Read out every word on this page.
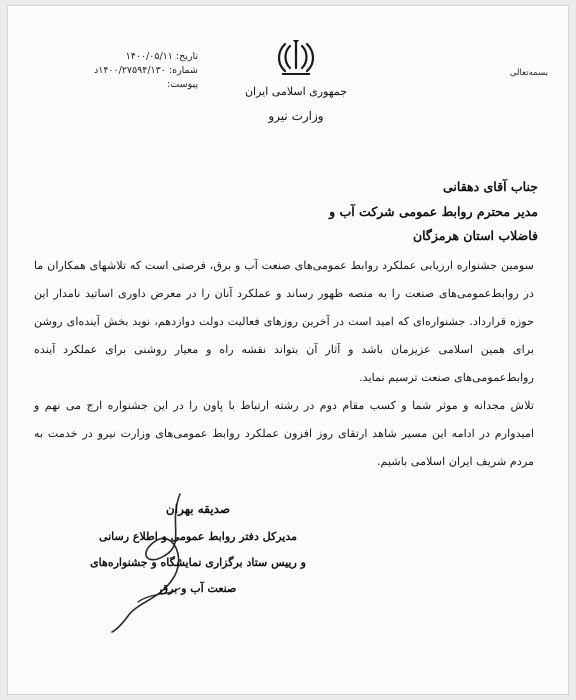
تاریخ: ۱۴۰۰/۰۵/۱۱
شماره: ۱۴۰۰/۲۷۵۹۴/۱۳۰د
پیوست:
جمهوری اسلامی ایران
وزارت نیرو
بسمه‌تعالی
جناب آقای دهقانی
مدیر محترم روابط عمومی شرکت آب و فاضلاب استان هرمزگان

سومین جشنواره ارزیابی عملکرد روابط عمومی‌های صنعت آب و برق، فرصتی است که تلاشهای همکاران ما در روابط‌عمومی‌های صنعت را به منصه ظهور رساند و عملکرد آنان را در معرض داوری اساتید نامدار این حوزه قرارداد. جشنواره‌ای که امید است در آخرین روزهای فعالیت دولت دوازدهم، نوید بخش آینده‌ای روشن برای همین اسلامی عزیزمان باشد و آثار آن بتواند نقشه راه و معیار روشنی برای عملکرد آینده روابط‌عمومی‌های صنعت ترسیم نماید.

تلاش مجدانه و موثر شما و کسب مقام دوم در رشته ارتباط با پاون را در این جشنواره ارج می نهم و امیدوارم در ادامه این مسیر شاهد ارتقای روز افزون عملکرد روابط عمومی‌های وزارت نیرو در خدمت به مردم شریف ایران اسلامی باشیم.

صدیقه بهران
مدیرکل دفتر روابط عمومی و اطلاع رسانی
و رییس ستاد برگزاری نمایشگاه و جشنواره‌های صنعت آب و برق
